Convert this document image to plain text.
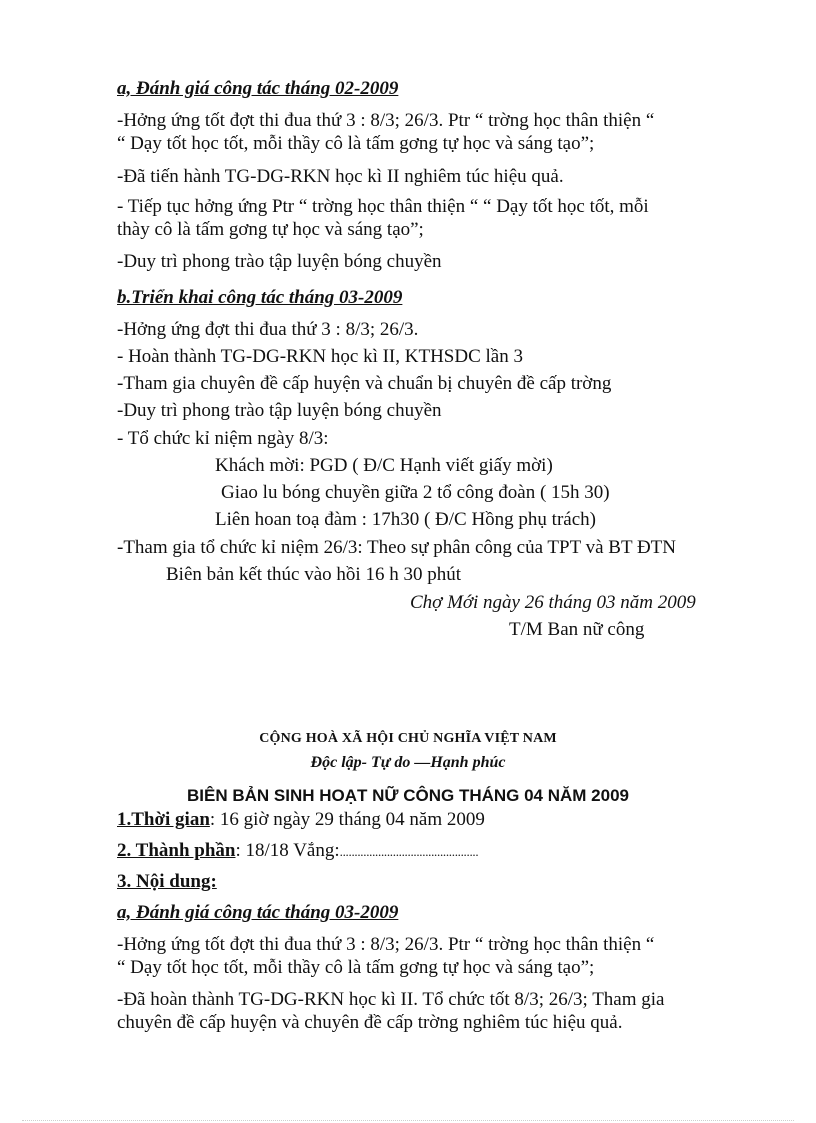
a, Đánh giá công tác tháng 02-2009
-Hởng ứng tốt đợt thi đua thứ 3 : 8/3; 26/3. Ptr “ trờng học thân thiện “
“ Dạy tốt học tốt, mỗi thầy cô là tấm gơng tự học và sáng tạo”;
-Đã tiến hành TG-DG-RKN học kì II nghiêm túc hiệu quả.
- Tiếp tục hởng ứng Ptr “ trờng học thân thiện “ “ Dạy tốt học tốt, mỗi
thày cô là tấm gơng tự học và sáng tạo”;
-Duy trì phong trào tập luyện bóng chuyền
b.Triển khai công tác tháng 03-2009
-Hởng ứng đợt thi đua thứ 3 : 8/3; 26/3.
- Hoàn thành TG-DG-RKN học kì II, KTHSDC lần 3
-Tham gia chuyên đề cấp huyện và chuẩn bị chuyên đề cấp trờng
-Duy trì phong trào tập luyện bóng chuyền
- Tổ chức kỉ niệm ngày 8/3:
Khách mời: PGD ( Đ/C Hạnh viết giấy mời)
Giao lu bóng chuyền giữa 2 tổ công đoàn ( 15h 30)
Liên hoan toạ đàm : 17h30 ( Đ/C Hồng phụ trách)
-Tham gia tổ chức kỉ niệm 26/3: Theo sự phân công của TPT và BT ĐTN
Biên bản kết thúc vào hồi 16 h 30 phút
Chợ Mới ngày 26 tháng 03 năm 2009
T/M Ban nữ công
CỘNG HOÀ XÃ HỘI CHỦ NGHĨA VIỆT NAM
Độc lập- Tự do —Hạnh phúc
BIÊN BẢN SINH HOẠT NỮ CÔNG THÁNG 04 NĂM 2009
1.Thời gian: 16 giờ ngày 29 tháng 04 năm 2009
2. Thành phần: 18/18 Vắng:...............................................
3. Nội dung:
a, Đánh giá công tác tháng 03-2009
-Hởng ứng tốt đợt thi đua thứ 3 : 8/3; 26/3. Ptr “ trờng học thân thiện “
“ Dạy tốt học tốt, mỗi thầy cô là tấm gơng tự học và sáng tạo”;
-Đã hoàn thành TG-DG-RKN học kì II. Tổ chức tốt 8/3; 26/3; Tham gia
chuyên đề cấp huyện và chuyên đề cấp trờng nghiêm túc hiệu quả.
